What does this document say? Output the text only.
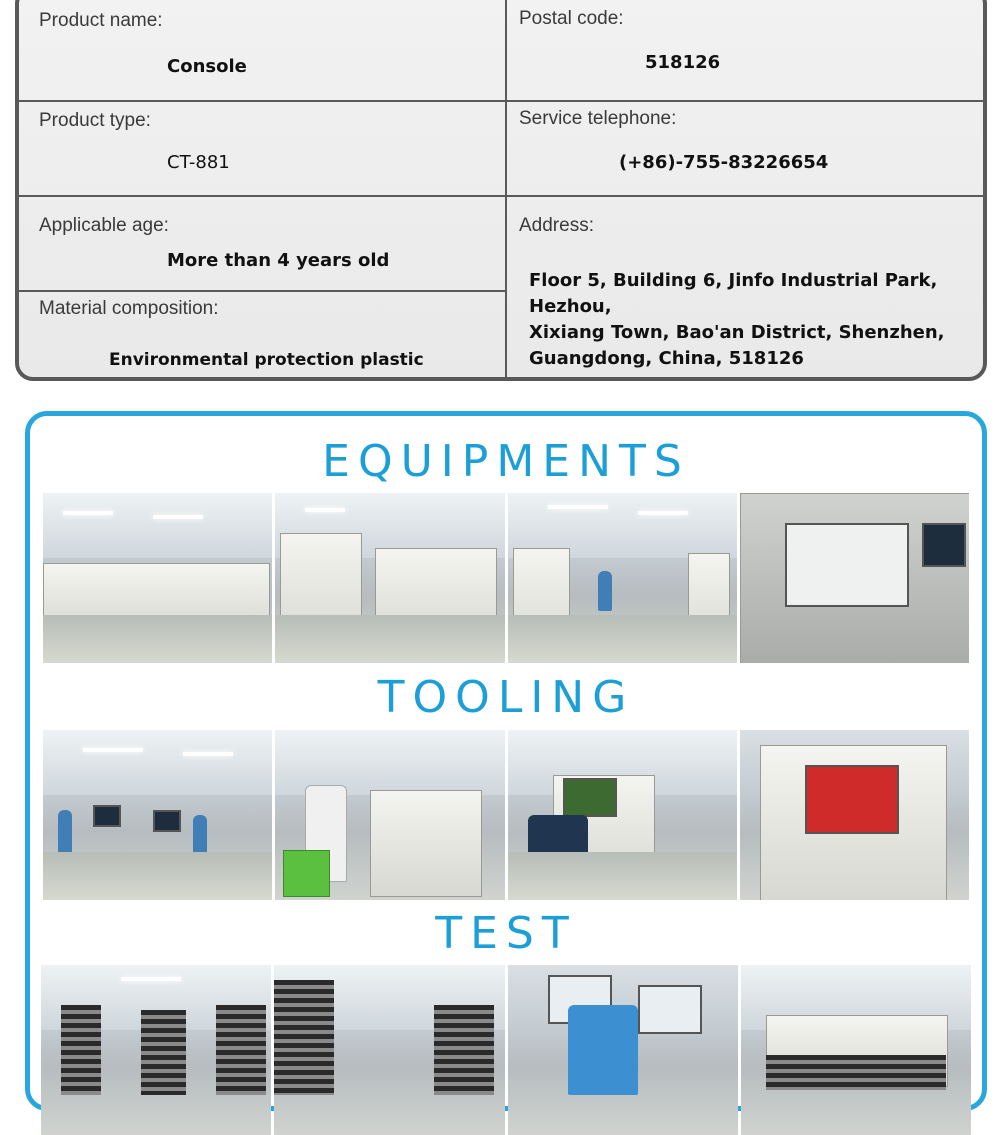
Product name:
Console
Postal code:
518126
Product type:
CT-881
Service telephone:
(+86)-755-83226654
Applicable age:
More than 4 years old
Address:
Floor 5, Building 6, Jinfo Industrial Park, Hezhou,
Xixiang Town, Bao'an District, Shenzhen,
Guangdong, China, 518126
Material composition:
Environmental protection plastic
EQUIPMENTS
TOOLING
TEST
